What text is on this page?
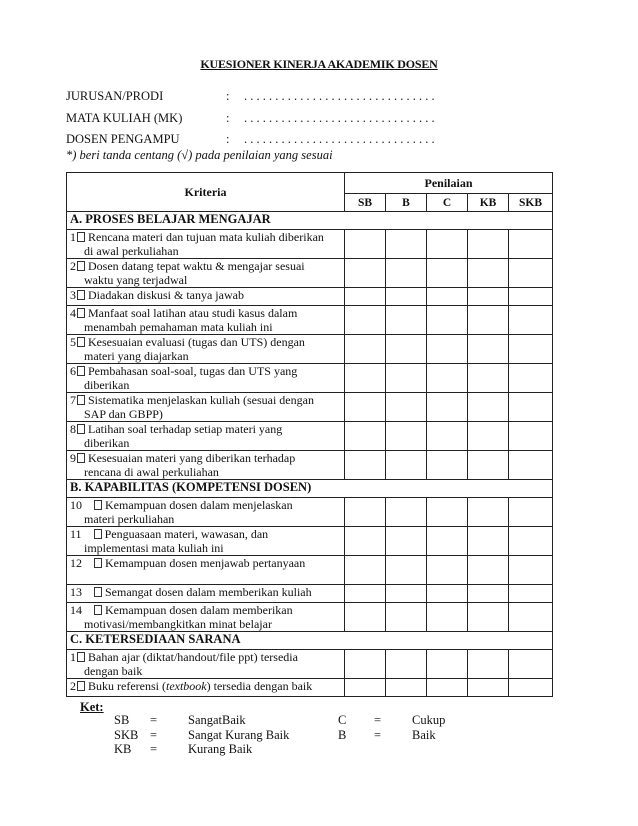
KUESIONER KINERJA AKADEMIK DOSEN
JURUSAN/PRODI	: . . . . . . . . . . . . . . . . . . . . . . . . . . . . . . .
MATA KULIAH (MK)	: . . . . . . . . . . . . . . . . . . . . . . . . . . . . . . .
DOSEN PENGAMPU	: . . . . . . . . . . . . . . . . . . . . . . . . . . . . . . .
*) beri tanda centang (√) pada penilaian yang sesuai
Kriteria	Penilaian				
	SB	B	C	KB	SKB
A. PROSES BELAJAR MENGAJAR					
1 Rencana materi dan tujuan mata kuliah diberikan
di awal perkuliahan					

2 Dosen datang tepat waktu & mengajar sesuai
waktu yang terjadwal					

3 Diadakan diskusi & tanya jawab					
4 Manfaat soal latihan atau studi kasus dalam
menambah pemahaman mata kuliah ini					

5 Kesesuaian evaluasi (tugas dan UTS) dengan
materi yang diajarkan					

6 Pembahasan soal-soal, tugas dan UTS yang
diberikan					

7 Sistematika menjelaskan kuliah (sesuai dengan
SAP dan GBPP)					

8 Latihan soal terhadap setiap materi yang
diberikan					

9 Kesesuaian materi yang diberikan terhadap
rencana di awal perkuliahan					

B. KAPABILITAS (KOMPETENSI DOSEN)					
10 Kemampuan dosen dalam menjelaskan
materi perkuliahan					

11 Penguasaan materi, wawasan, dan
implementasi mata kuliah ini					

12 Kemampuan dosen menjawab pertanyaan					
13 Semangat dosen dalam memberikan kuliah					
14 Kemampuan dosen dalam memberikan
motivasi/membangkitkan minat belajar					

C. KETERSEDIAAN SARANA					
1 Bahan ajar (diktat/handout/file ppt) tersedia
dengan baik					

2 Buku referensi (textbook) tersedia dengan baik					
Ket:
SB = SangatBaik	C = Cukup
SKB = Sangat Kurang Baik	B = Baik
KB = Kurang Baik
